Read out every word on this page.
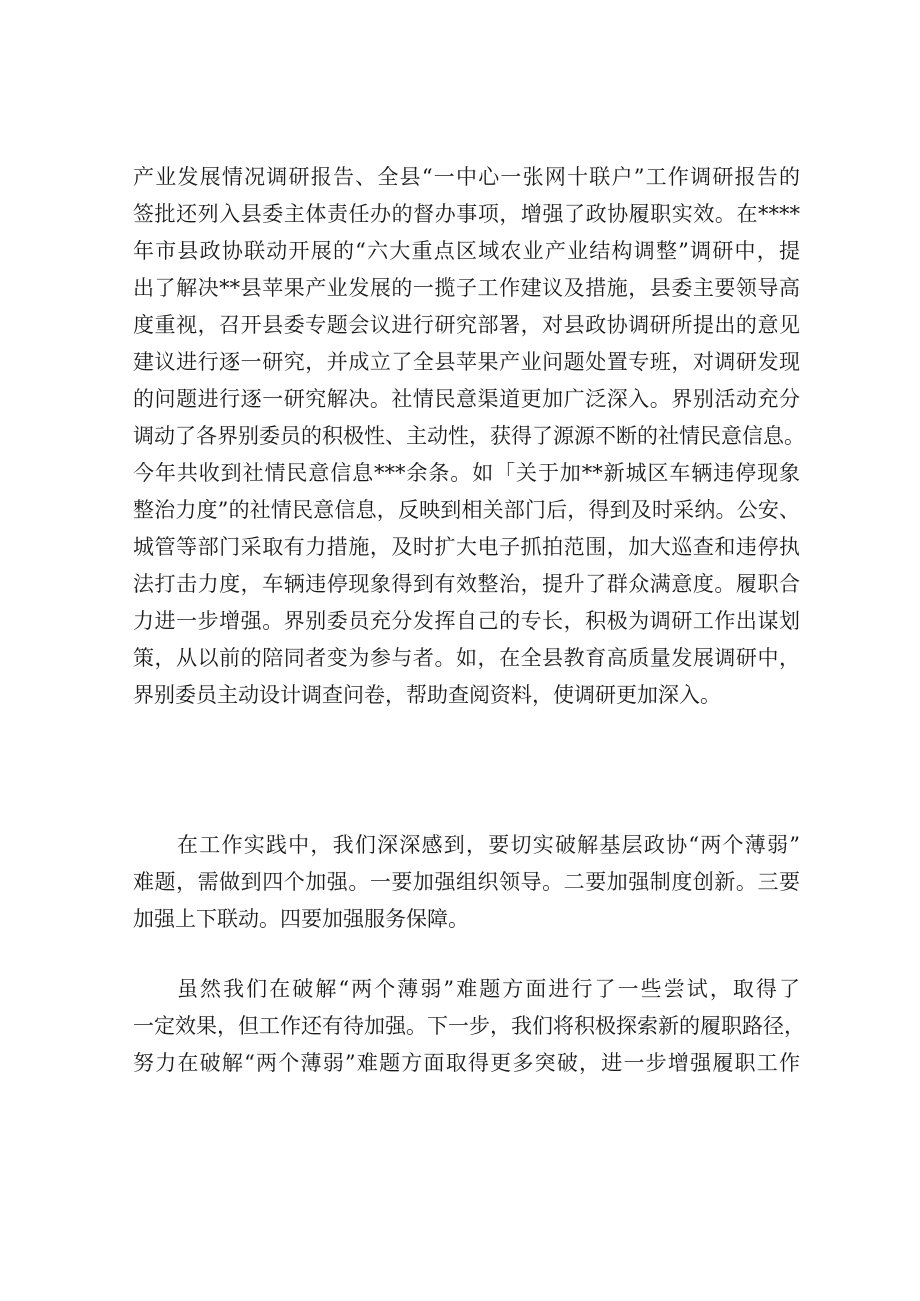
产业发展情况调研报告、全县“一中心一张网十联户”工作调研报告的
签批还列入县委主体责任办的督办事项，增强了政协履职实效。在****
年市县政协联动开展的“六大重点区域农业产业结构调整”调研中，提
出了解决**县苹果产业发展的一揽子工作建议及措施，县委主要领导高
度重视，召开县委专题会议进行研究部署，对县政协调研所提出的意见
建议进行逐一研究，并成立了全县苹果产业问题处置专班，对调研发现
的问题进行逐一研究解决。社情民意渠道更加广泛深入。界别活动充分
调动了各界别委员的积极性、主动性，获得了源源不断的社情民意信息。
今年共收到社情民意信息***余条。如「关于加**新城区车辆违停现象
整治力度”的社情民意信息，反映到相关部门后，得到及时采纳。公安、
城管等部门采取有力措施，及时扩大电子抓拍范围，加大巡查和违停执
法打击力度，车辆违停现象得到有效整治，提升了群众满意度。履职合
力进一步增强。界别委员充分发挥自己的专长，积极为调研工作出谋划
策，从以前的陪同者变为参与者。如，在全县教育高质量发展调研中，
界别委员主动设计调查问卷，帮助查阅资料，使调研更加深入。
在工作实践中，我们深深感到，要切实破解基层政协“两个薄弱”
难题，需做到四个加强。一要加强组织领导。二要加强制度创新。三要
加强上下联动。四要加强服务保障。
虽然我们在破解“两个薄弱”难题方面进行了一些尝试，取得了
一定效果，但工作还有待加强。下一步，我们将积极探索新的履职路径，
努力在破解“两个薄弱”难题方面取得更多突破，进一步增强履职工作
